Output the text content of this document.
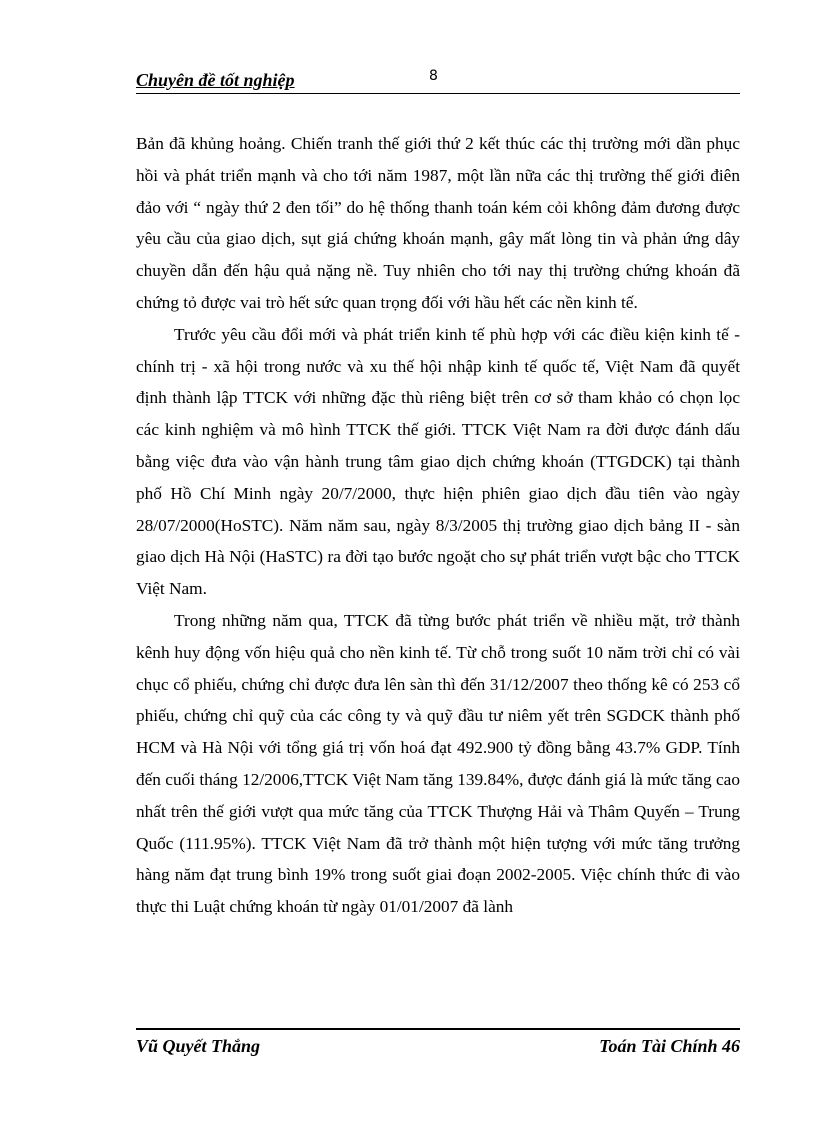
Chuyên đề tốt nghiệp	8

Bản đã khủng hoảng. Chiến tranh thế giới thứ 2 kết thúc các thị trường mới dần phục hồi và phát triển mạnh và cho tới năm 1987, một lần nữa các thị trường thế giới điên đảo với “ ngày thứ 2 đen tối” do hệ thống thanh toán kém cỏi không đảm đương được yêu cầu của giao dịch, sụt giá chứng khoán mạnh, gây mất lòng tin và phản ứng dây chuyền dẫn đến hậu quả nặng nề. Tuy nhiên cho tới nay thị trường chứng khoán đã chứng tỏ được vai trò hết sức quan trọng đối với hầu hết các nền kinh tế.

Trước yêu cầu đổi mới và phát triển kinh tế phù hợp với các điều kiện kinh tế - chính trị - xã hội trong nước và xu thế hội nhập kinh tế quốc tế, Việt Nam đã quyết định thành lập TTCK với những đặc thù riêng biệt trên cơ sở tham khảo có chọn lọc các kinh nghiệm và mô hình TTCK thế giới. TTCK Việt Nam ra đời được đánh dấu bằng việc đưa vào vận hành trung tâm giao dịch chứng khoán (TTGDCK) tại thành phố Hồ Chí Minh ngày 20/7/2000, thực hiện phiên giao dịch đầu tiên vào ngày 28/07/2000(HoSTC). Năm năm sau, ngày 8/3/2005 thị trường giao dịch bảng II - sàn giao dịch Hà Nội (HaSTC) ra đời tạo bước ngoặt cho sự phát triển vượt bậc cho TTCK Việt Nam.

Trong những năm qua, TTCK đã từng bước phát triển về nhiều mặt, trở thành kênh huy động vốn hiệu quả cho nền kinh tế. Từ chỗ trong suốt 10 năm trời chỉ có vài chục cổ phiếu, chứng chỉ được đưa lên sàn thì đến 31/12/2007 theo thống kê có 253 cổ phiếu, chứng chỉ quỹ của các công ty và quỹ đầu tư niêm yết trên SGDCK thành phố HCM và Hà Nội với tổng giá trị vốn hoá đạt 492.900 tỷ đồng bằng 43.7% GDP. Tính đến cuối tháng 12/2006,TTCK Việt Nam tăng 139.84%, được đánh giá là mức tăng cao nhất trên thế giới vượt qua mức tăng của TTCK Thượng Hải và Thâm Quyến – Trung Quốc (111.95%). TTCK Việt Nam đã trở thành một hiện tượng với mức tăng trưởng hàng năm đạt trung bình 19% trong suốt giai đoạn 2002-2005. Việc chính thức đi vào thực thi Luật chứng khoán từ ngày 01/01/2007 đã lành

Vũ Quyết Thắng	Toán Tài Chính 46
